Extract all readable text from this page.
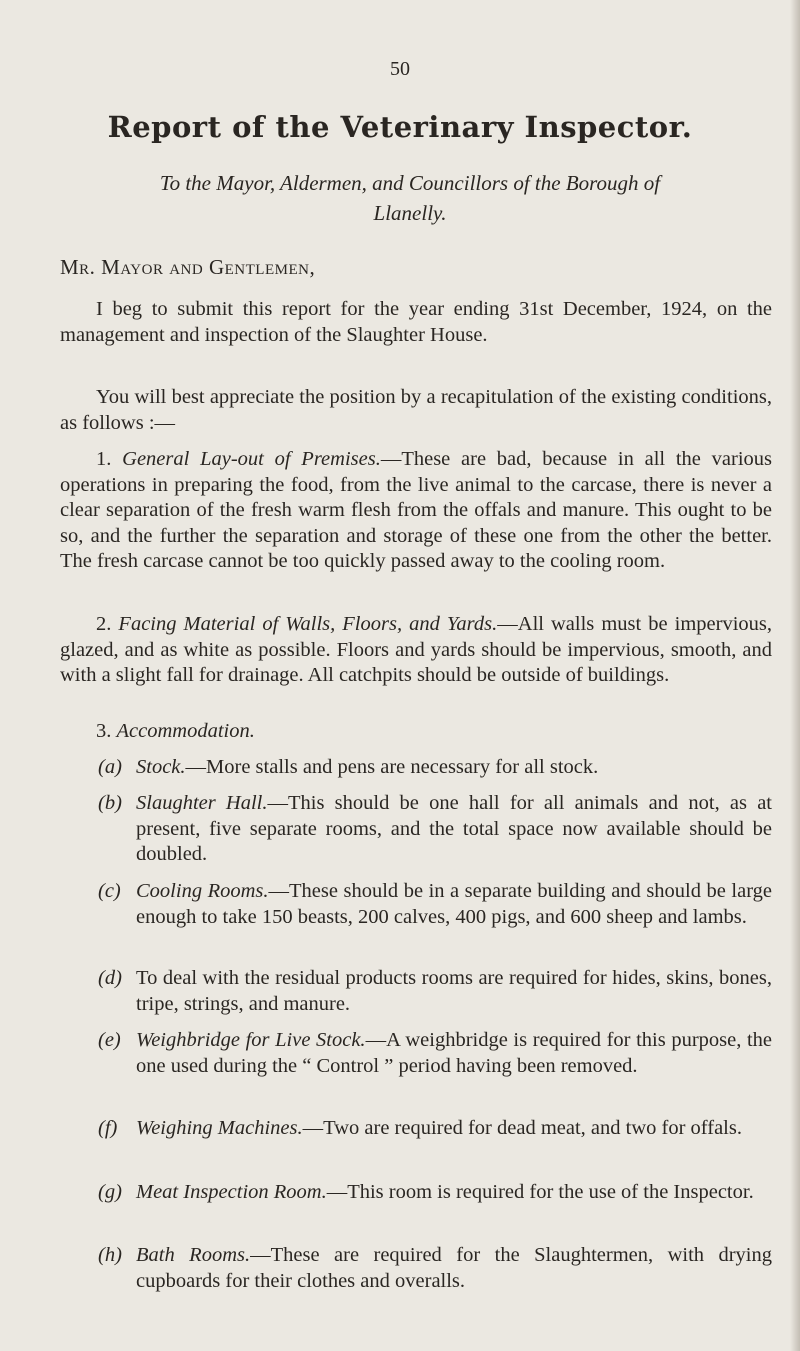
50
Report of the Veterinary Inspector.
To the Mayor, Aldermen, and Councillors of the Borough of
Llanelly.
Mr. Mayor and Gentlemen,
I beg to submit this report for the year ending 31st December, 1924, on the management and inspection of the Slaughter House.
You will best appreciate the position by a recapitulation of the existing conditions, as follows :—
1. General Lay-out of Premises.—These are bad, because in all the various operations in preparing the food, from the live animal to the carcase, there is never a clear separation of the fresh warm flesh from the offals and manure. This ought to be so, and the further the separation and storage of these one from the other the better. The fresh carcase cannot be too quickly passed away to the cooling room.
2. Facing Material of Walls, Floors, and Yards.—All walls must be impervious, glazed, and as white as possible. Floors and yards should be impervious, smooth, and with a slight fall for drainage. All catchpits should be outside of buildings.
3. Accommodation.
(a) Stock.—More stalls and pens are necessary for all stock.
(b) Slaughter Hall.—This should be one hall for all animals and not, as at present, five separate rooms, and the total space now available should be doubled.
(c) Cooling Rooms.—These should be in a separate building and should be large enough to take 150 beasts, 200 calves, 400 pigs, and 600 sheep and lambs.
(d) To deal with the residual products rooms are required for hides, skins, bones, tripe, strings, and manure.
(e) Weighbridge for Live Stock.—A weighbridge is required for this purpose, the one used during the “ Control ” period having been removed.
(f) Weighing Machines.—Two are required for dead meat, and two for offals.
(g) Meat Inspection Room.—This room is required for the use of the Inspector.
(h) Bath Rooms.—These are required for the Slaughtermen, with drying cupboards for their clothes and overalls.
